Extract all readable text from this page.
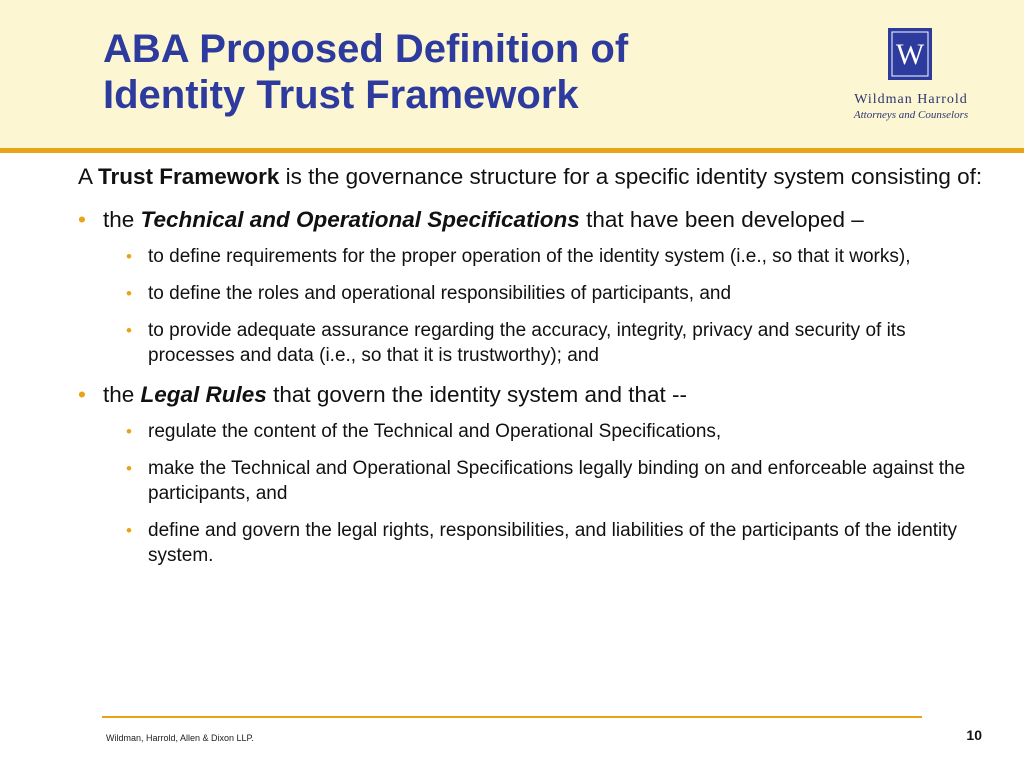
ABA Proposed Definition of
Identity Trust Framework
W
Wildman Harrold
Attorneys and Counselors

A Trust Framework is the governance structure for a specific identity system consisting of:

• the Technical and Operational Specifications that have been developed –
• to define requirements for the proper operation of the identity system (i.e., so that it works),
• to define the roles and operational responsibilities of participants, and
• to provide adequate assurance regarding the accuracy, integrity, privacy and security of its processes and data (i.e., so that it is trustworthy); and
• the Legal Rules that govern the identity system and that --
• regulate the content of the Technical and Operational Specifications,
• make the Technical and Operational Specifications legally binding on and enforceable against the participants, and
• define and govern the legal rights, responsibilities, and liabilities of the participants of the identity system.
Wildman, Harrold, Allen & Dixon LLP.	10
